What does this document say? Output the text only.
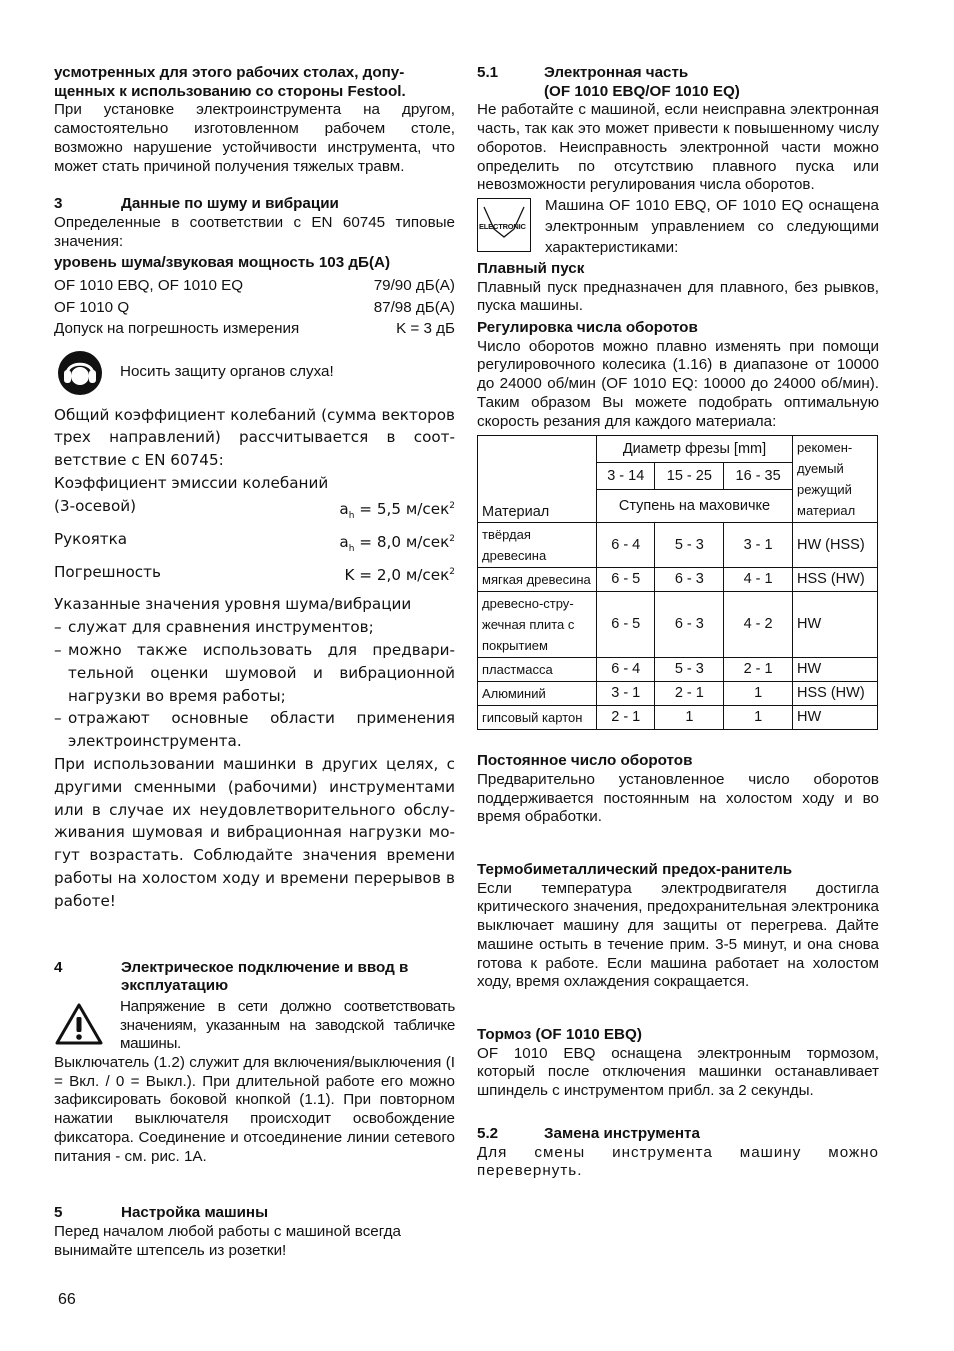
усмотренных для этого рабочих столах, допущенных к использованию со стороны Festool.

При установке электроинструмента на другом, самостоятельно изготовленном рабочем столе, возможно нарушение устойчивости инструмента, что может стать причиной получения тяжелых травм.

3	Данные по шуму и вибрации

Определенные в соответствии с EN 60745 типовые значения:

уровень шума/звуковая мощность 103 дБ(A)

OF 1010 EBQ, OF 1010 EQ	79/90 дБ(A)
OF 1010 Q	87/98 дБ(A)
Допуск на погрешность измерения	K = 3 дБ
Носить защиту органов слуха!

Общий коэффициент колебаний (сумма векторов трех направлений) рассчитывается в соответствие с EN 60745:

Коэффициент эмиссии колебаний

(3-осевой)	$a_h = 5,5$ м/сек$^2$
Рукоятка	$a_h = 8,0$ м/сек$^2$
Погрешность	K = 2,0 м/сек$^2$

Указанные значения уровня шума/вибрации

– служат для сравнения инструментов;
– можно также использовать для предварительной оценки шумовой и вибрационной нагрузки во время работы;
– отражают основные области применения электроинструмента.

При использовании машинки в других целях, с другими сменными (рабочими) инструментами или в случае их неудовлетворительного обслуживания шумовая и вибрационная нагрузки могут возрастать. Соблюдайте значения времени работы на холостом ходу и времени перерывов в работе!

4	Электрическое подключение и ввод в эксплуатацию

Напряжение в сети должно соответствовать значениям, указанным на заводской табличке машины.

Выключатель (1.2) служит для включения/выключения (I = Вкл. / 0 = Выкл.). При длительной работе его можно зафиксировать боковой кнопкой (1.1). При повторном нажатии выключателя происходит освобождение фиксатора. Соединение и отсоединение линии сетевого питания - см. рис. 1А.

5	Настройка машины

Перед началом любой работы с машиной всегда вынимайте штепсель из розетки!

5.1	Электронная часть
(OF 1010 EBQ/OF 1010 EQ)

Не работайте с машиной, если неисправна электронная часть, так как это может привести к повышенному числу оборотов. Неисправность электронной части можно определить по отсутствию плавного пуска или невозможности регулирования числа оборотов.

ELECTRONIC

Машина OF 1010 EBQ, OF 1010 EQ оснащена электронным управлением со следующими характеристиками:

Плавный пуск

Плавный пуск предназначен для плавного, без рывков, пуска машины.

Регулировка числа оборотов

Число оборотов можно плавно изменять при помощи регулировочного колесика (1.16) в диапазоне от 10000 до 24000 об/мин (OF 1010 EQ: 10000 до 24000 об/мин). Таким образом Вы можете подобрать оптимальную скорость резания для каждого материала:

Материал	Диаметр фрезы [mm]			рекомендуемый режущий материал
	3 - 14	15 - 25	16 - 35	
	Ступень на маховичке			
твёрдая древесина	6 - 4	5 - 3	3 - 1	HW (HSS)
мягкая древесина	6 - 5	6 - 3	4 - 1	HSS (HW)
древесно-стружечная плита с покрытием	6 - 5	6 - 3	4 - 2	HW
пластмасса	6 - 4	5 - 3	2 - 1	HW
Алюминий	3 - 1	2 - 1	1	HSS (HW)
гипсовый картон	2 - 1	1	1	HW

Постоянное число оборотов

Предварительно установленное число оборотов поддерживается постоянным на холостом ходу и во время обработки.

Термобиметаллический предох-ранитель

Если температура электродвигателя достигла критического значения, предохранительная электроника выключает машину для защиты от перегрева. Дайте машине остыть в течение прим. 3-5 минут, и она снова готова к работе. Если машина работает на холостом ходу, время охлаждения сокращается.

Тормоз (OF 1010 EBQ)

OF 1010 EBQ оснащена электронным тормозом, который после отключения машинки останавливает шпиндель с инструментом прибл. за 2 секунды.

5.2	Замена инструмента

Для смены инструмента машину можно перевернуть.

66
